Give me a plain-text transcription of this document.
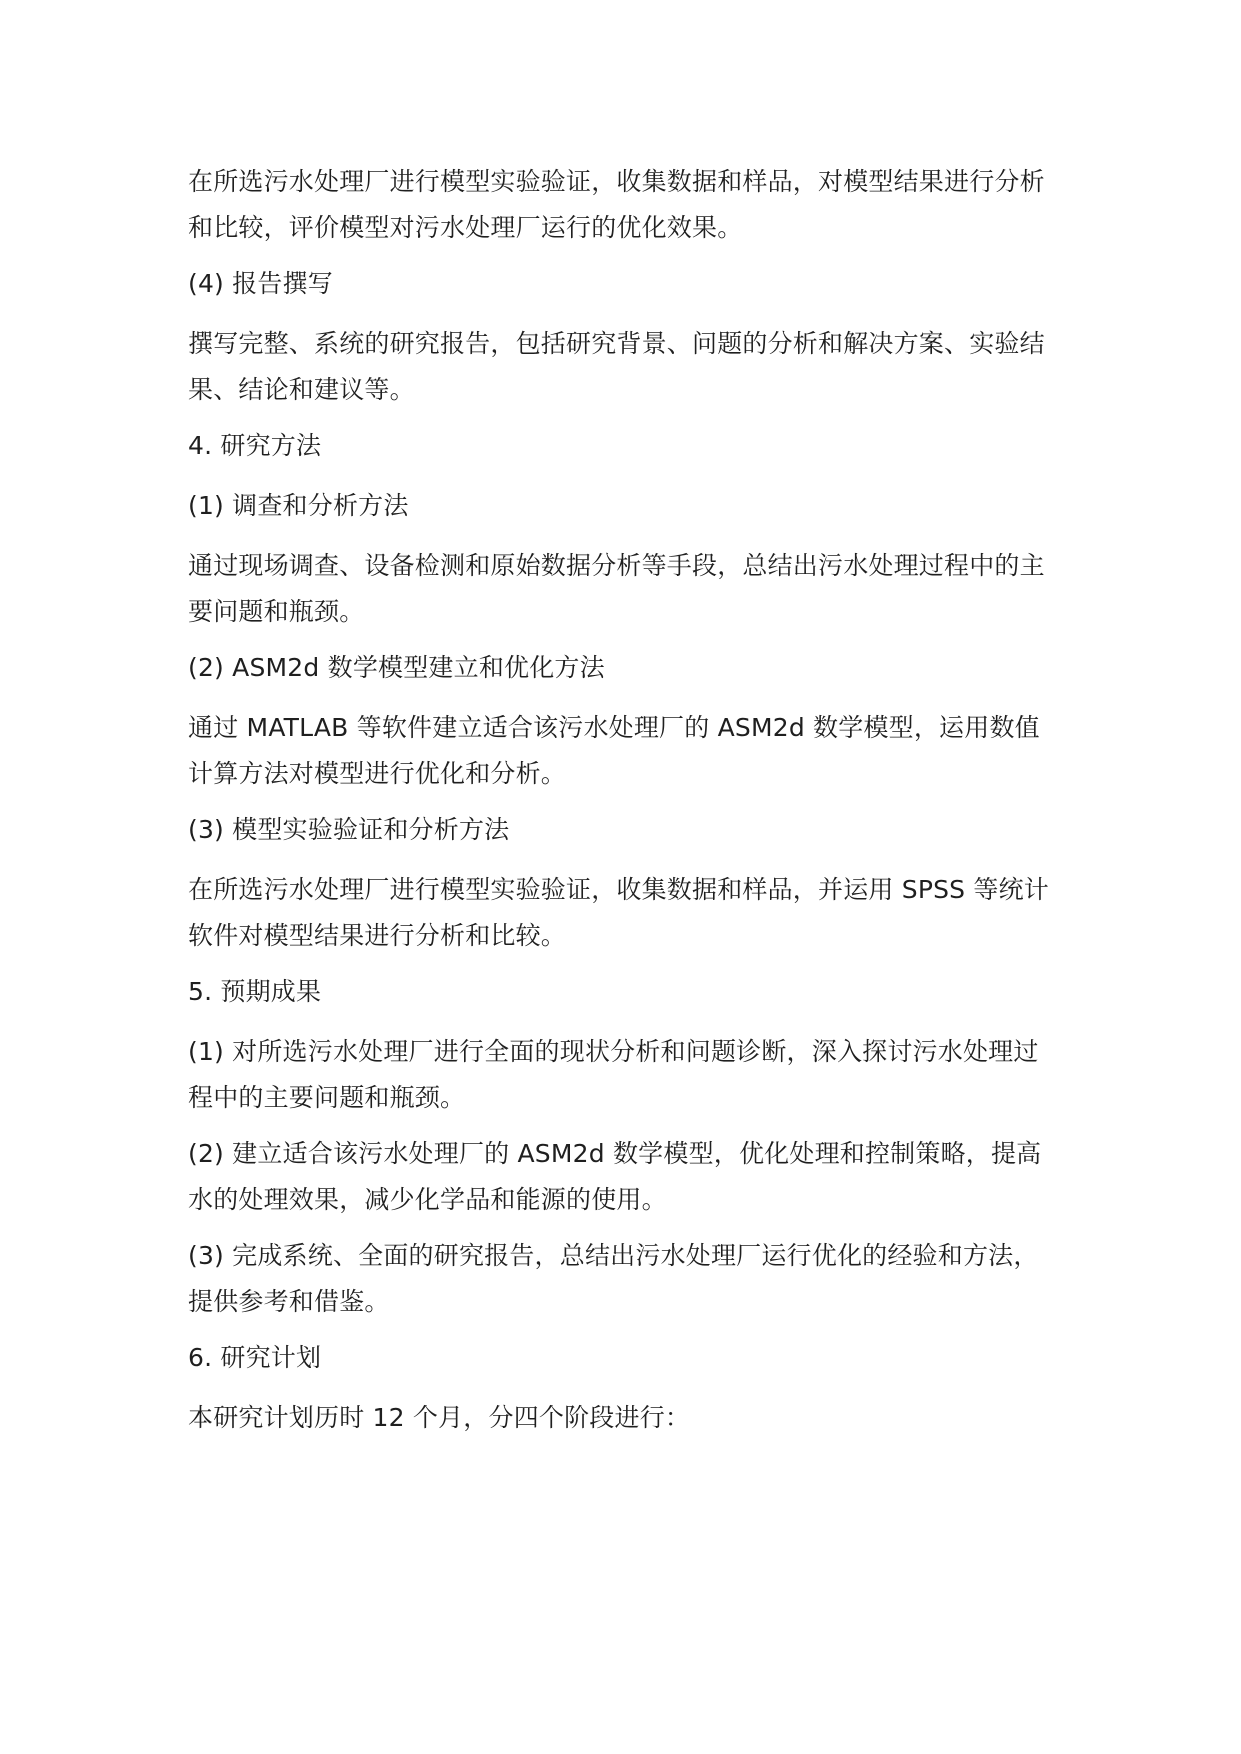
在所选污水处理厂进行模型实验验证，收集数据和样品，对模型结果进行分析和比较，评价模型对污水处理厂运行的优化效果。

(4) 报告撰写

撰写完整、系统的研究报告，包括研究背景、问题的分析和解决方案、实验结果、结论和建议等。

4. 研究方法

(1) 调查和分析方法

通过现场调查、设备检测和原始数据分析等手段，总结出污水处理过程中的主要问题和瓶颈。

(2) ASM2d 数学模型建立和优化方法

通过 MATLAB 等软件建立适合该污水处理厂的 ASM2d 数学模型，运用数值计算方法对模型进行优化和分析。

(3) 模型实验验证和分析方法

在所选污水处理厂进行模型实验验证，收集数据和样品，并运用 SPSS 等统计软件对模型结果进行分析和比较。

5. 预期成果

(1) 对所选污水处理厂进行全面的现状分析和问题诊断，深入探讨污水处理过程中的主要问题和瓶颈。

(2) 建立适合该污水处理厂的 ASM2d 数学模型，优化处理和控制策略，提高水的处理效果，减少化学品和能源的使用。

(3) 完成系统、全面的研究报告，总结出污水处理厂运行优化的经验和方法，提供参考和借鉴。

6. 研究计划

本研究计划历时 12 个月，分四个阶段进行：
